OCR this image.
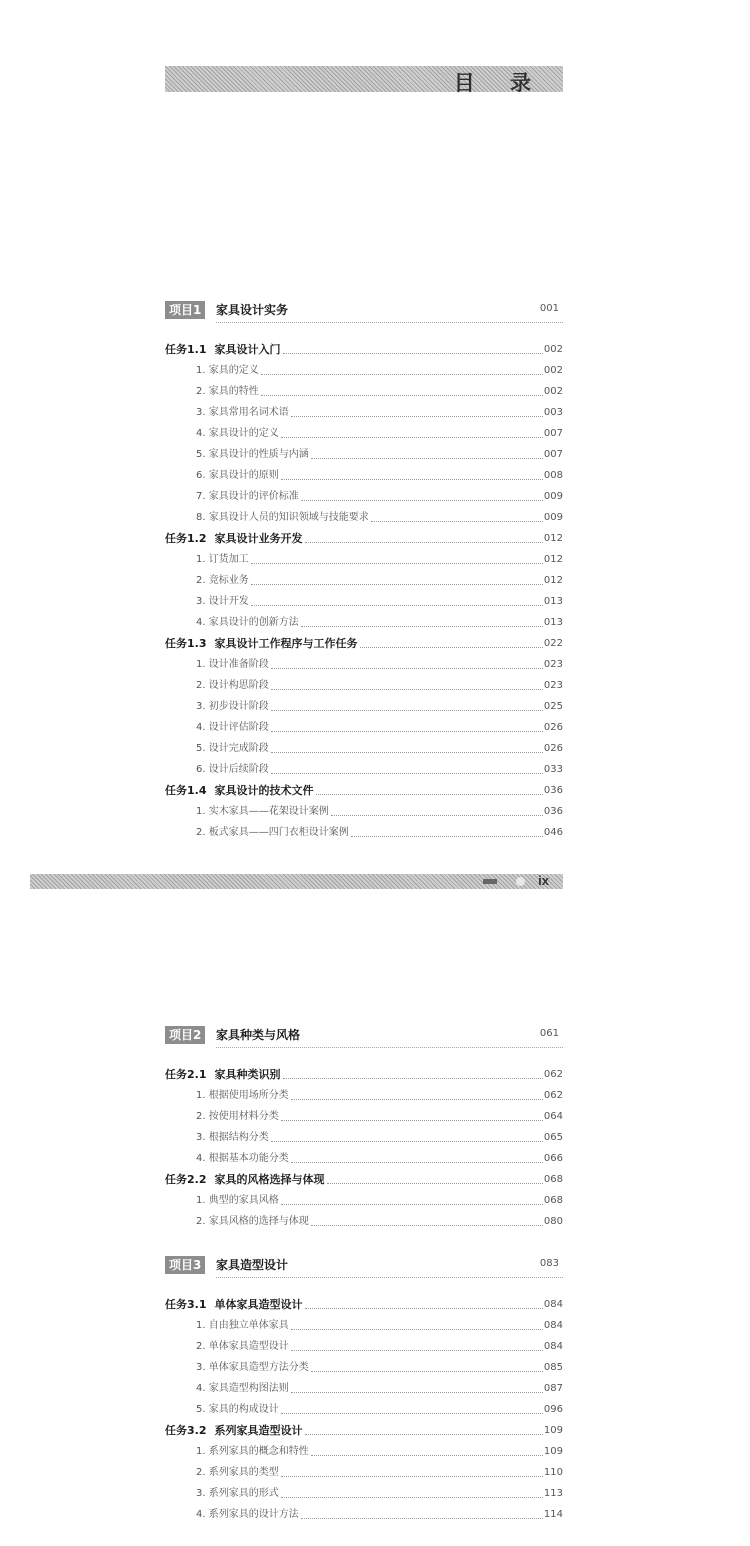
目 录
ix
项目1	家具设计实务	001
任务1.1 家具设计入门	002
1. 家具的定义	002
2. 家具的特性	002
3. 家具常用名词术语	003
4. 家具设计的定义	007
5. 家具设计的性质与内涵	007
6. 家具设计的原则	008
7. 家具设计的评价标准	009
8. 家具设计人员的知识领域与技能要求	009
任务1.2 家具设计业务开发	012
1. 订货加工	012
2. 竞标业务	012
3. 设计开发	013
4. 家具设计的创新方法	013
任务1.3 家具设计工作程序与工作任务	022
1. 设计准备阶段	023
2. 设计构思阶段	023
3. 初步设计阶段	025
4. 设计评估阶段	026
5. 设计完成阶段	026
6. 设计后续阶段	033
任务1.4 家具设计的技术文件	036
1. 实木家具——花架设计案例	036
2. 板式家具——四门衣柜设计案例	046
项目2	家具种类与风格	061
任务2.1 家具种类识别	062
1. 根据使用场所分类	062
2. 按使用材料分类	064
3. 根据结构分类	065
4. 根据基本功能分类	066
任务2.2 家具的风格选择与体现	068
1. 典型的家具风格	068
2. 家具风格的选择与体现	080
项目3	家具造型设计	083
任务3.1 单体家具造型设计	084
1. 自由独立单体家具	084
2. 单体家具造型设计	084
3. 单体家具造型方法分类	085
4. 家具造型构图法则	087
5. 家具的构成设计	096
任务3.2 系列家具造型设计	109
1. 系列家具的概念和特性	109
2. 系列家具的类型	110
3. 系列家具的形式	113
4. 系列家具的设计方法	114
